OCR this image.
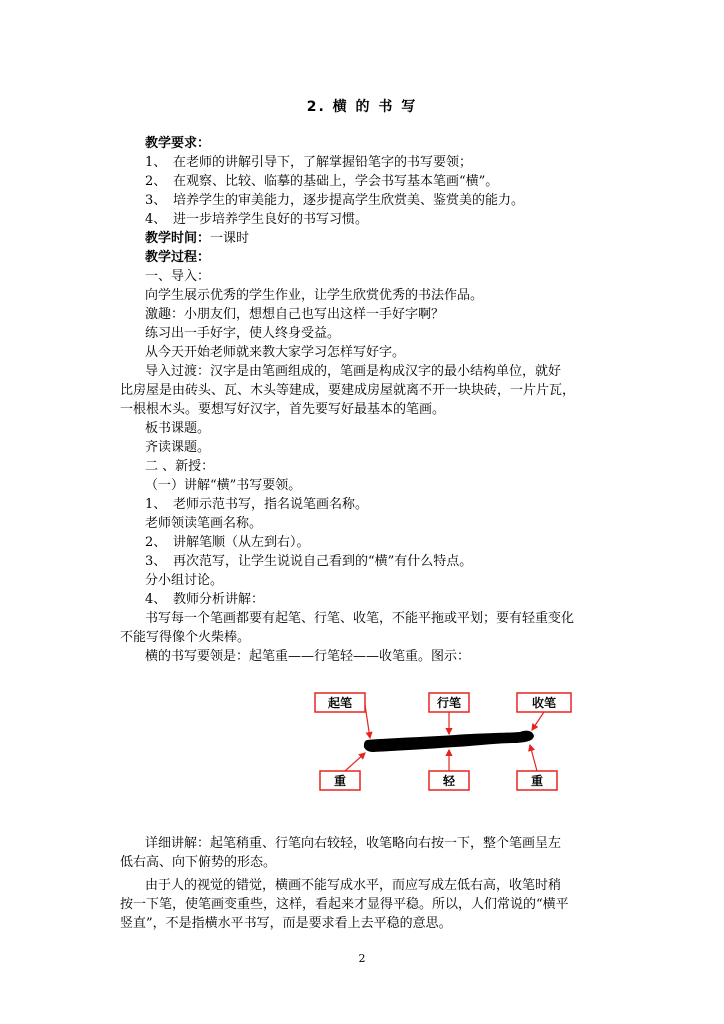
2. 横 的 书 写
教学要求：
1、 在老师的讲解引导下，了解掌握铅笔字的书写要领；
2、 在观察、比较、临摹的基础上，学会书写基本笔画“横”。
3、 培养学生的审美能力，逐步提高学生欣赏美、鉴赏美的能力。
4、 进一步培养学生良好的书写习惯。
教学时间：一课时
教学过程：
一、导入：
向学生展示优秀的学生作业，让学生欣赏优秀的书法作品。
激趣：小朋友们，想想自己也写出这样一手好字啊？
练习出一手好字，使人终身受益。
从今天开始老师就来教大家学习怎样写好字。
导入过渡：汉字是由笔画组成的，笔画是构成汉字的最小结构单位，就好
比房屋是由砖头、瓦、木头等建成，要建成房屋就离不开一块块砖，一片片瓦，
一根根木头。要想写好汉字，首先要写好最基本的笔画。
板书课题。
齐读课题。
二 、新授：
（一）讲解“横”书写要领。
1、 老师示范书写，指名说笔画名称。
老师领读笔画名称。
2、 讲解笔顺（从左到右）。
3、 再次范写，让学生说说自己看到的“横”有什么特点。
分小组讨论。
4、 教师分析讲解：
书写每一个笔画都要有起笔、行笔、收笔，不能平拖或平划；要有轻重变化
不能写得像个火柴棒。
横的书写要领是：起笔重——行笔轻——收笔重。图示：
起笔	行笔	收笔
重	轻	重
详细讲解：起笔稍重、行笔向右较轻，收笔略向右按一下，整个笔画呈左
低右高、向下俯势的形态。
由于人的视觉的错觉，横画不能写成水平，而应写成左低右高，收笔时稍
按一下笔，使笔画变重些，这样，看起来才显得平稳。所以，人们常说的“横平
竖直”，不是指横水平书写，而是要求看上去平稳的意思。
2
